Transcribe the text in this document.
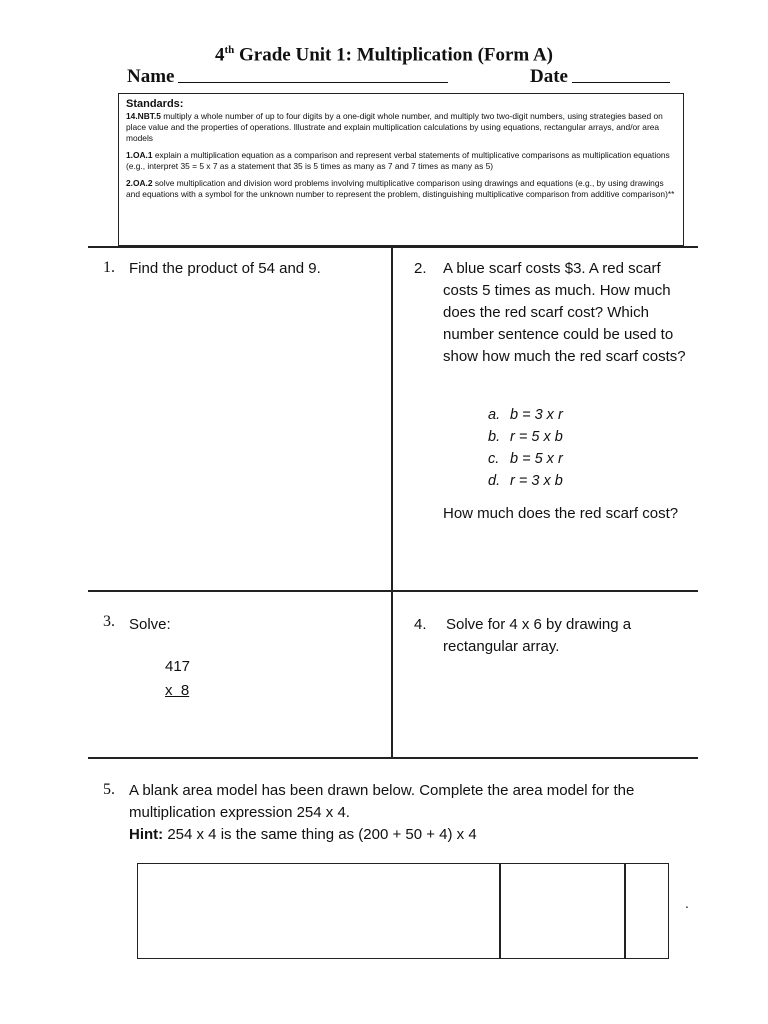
4th Grade Unit 1: Multiplication (Form A)
Name	Date
Standards:

14.NBT.5 multiply a whole number of up to four digits by a one-digit whole number, and multiply two two-digit numbers, using strategies based on place value and the properties of operations. Illustrate and explain multiplication calculations by using equations, rectangular arrays, and/or area models

1.OA.1 explain a multiplication equation as a comparison and represent verbal statements of multiplicative comparisons as multiplication equations (e.g., interpret 35 = 5 x 7 as a statement that 35 is 5 times as many as 7 and 7 times as many as 5)

2.OA.2 solve multiplication and division word problems involving multiplicative comparison using drawings and equations (e.g., by using drawings and equations with a symbol for the unknown number to represent the problem, distinguishing multiplicative comparison from additive comparison)**

1. Find the product of 54 and 9.	2. A blue scarf costs $3. A red scarf costs 5 times as much. How much does the red scarf cost? Which number sentence could be used to show how much the red scarf costs?
a. b = 3 x r
b. r = 5 x b
c. b = 5 x r
d. r = 3 x b
How much does the red scarf cost?
3. Solve:
417
x  8
4. Solve for 4 x 6 by drawing a rectangular array.
5. A blank area model has been drawn below. Complete the area model for the multiplication expression 254 x 4.
Hint: 254 x 4 is the same thing as (200 + 50 + 4) x 4
.
